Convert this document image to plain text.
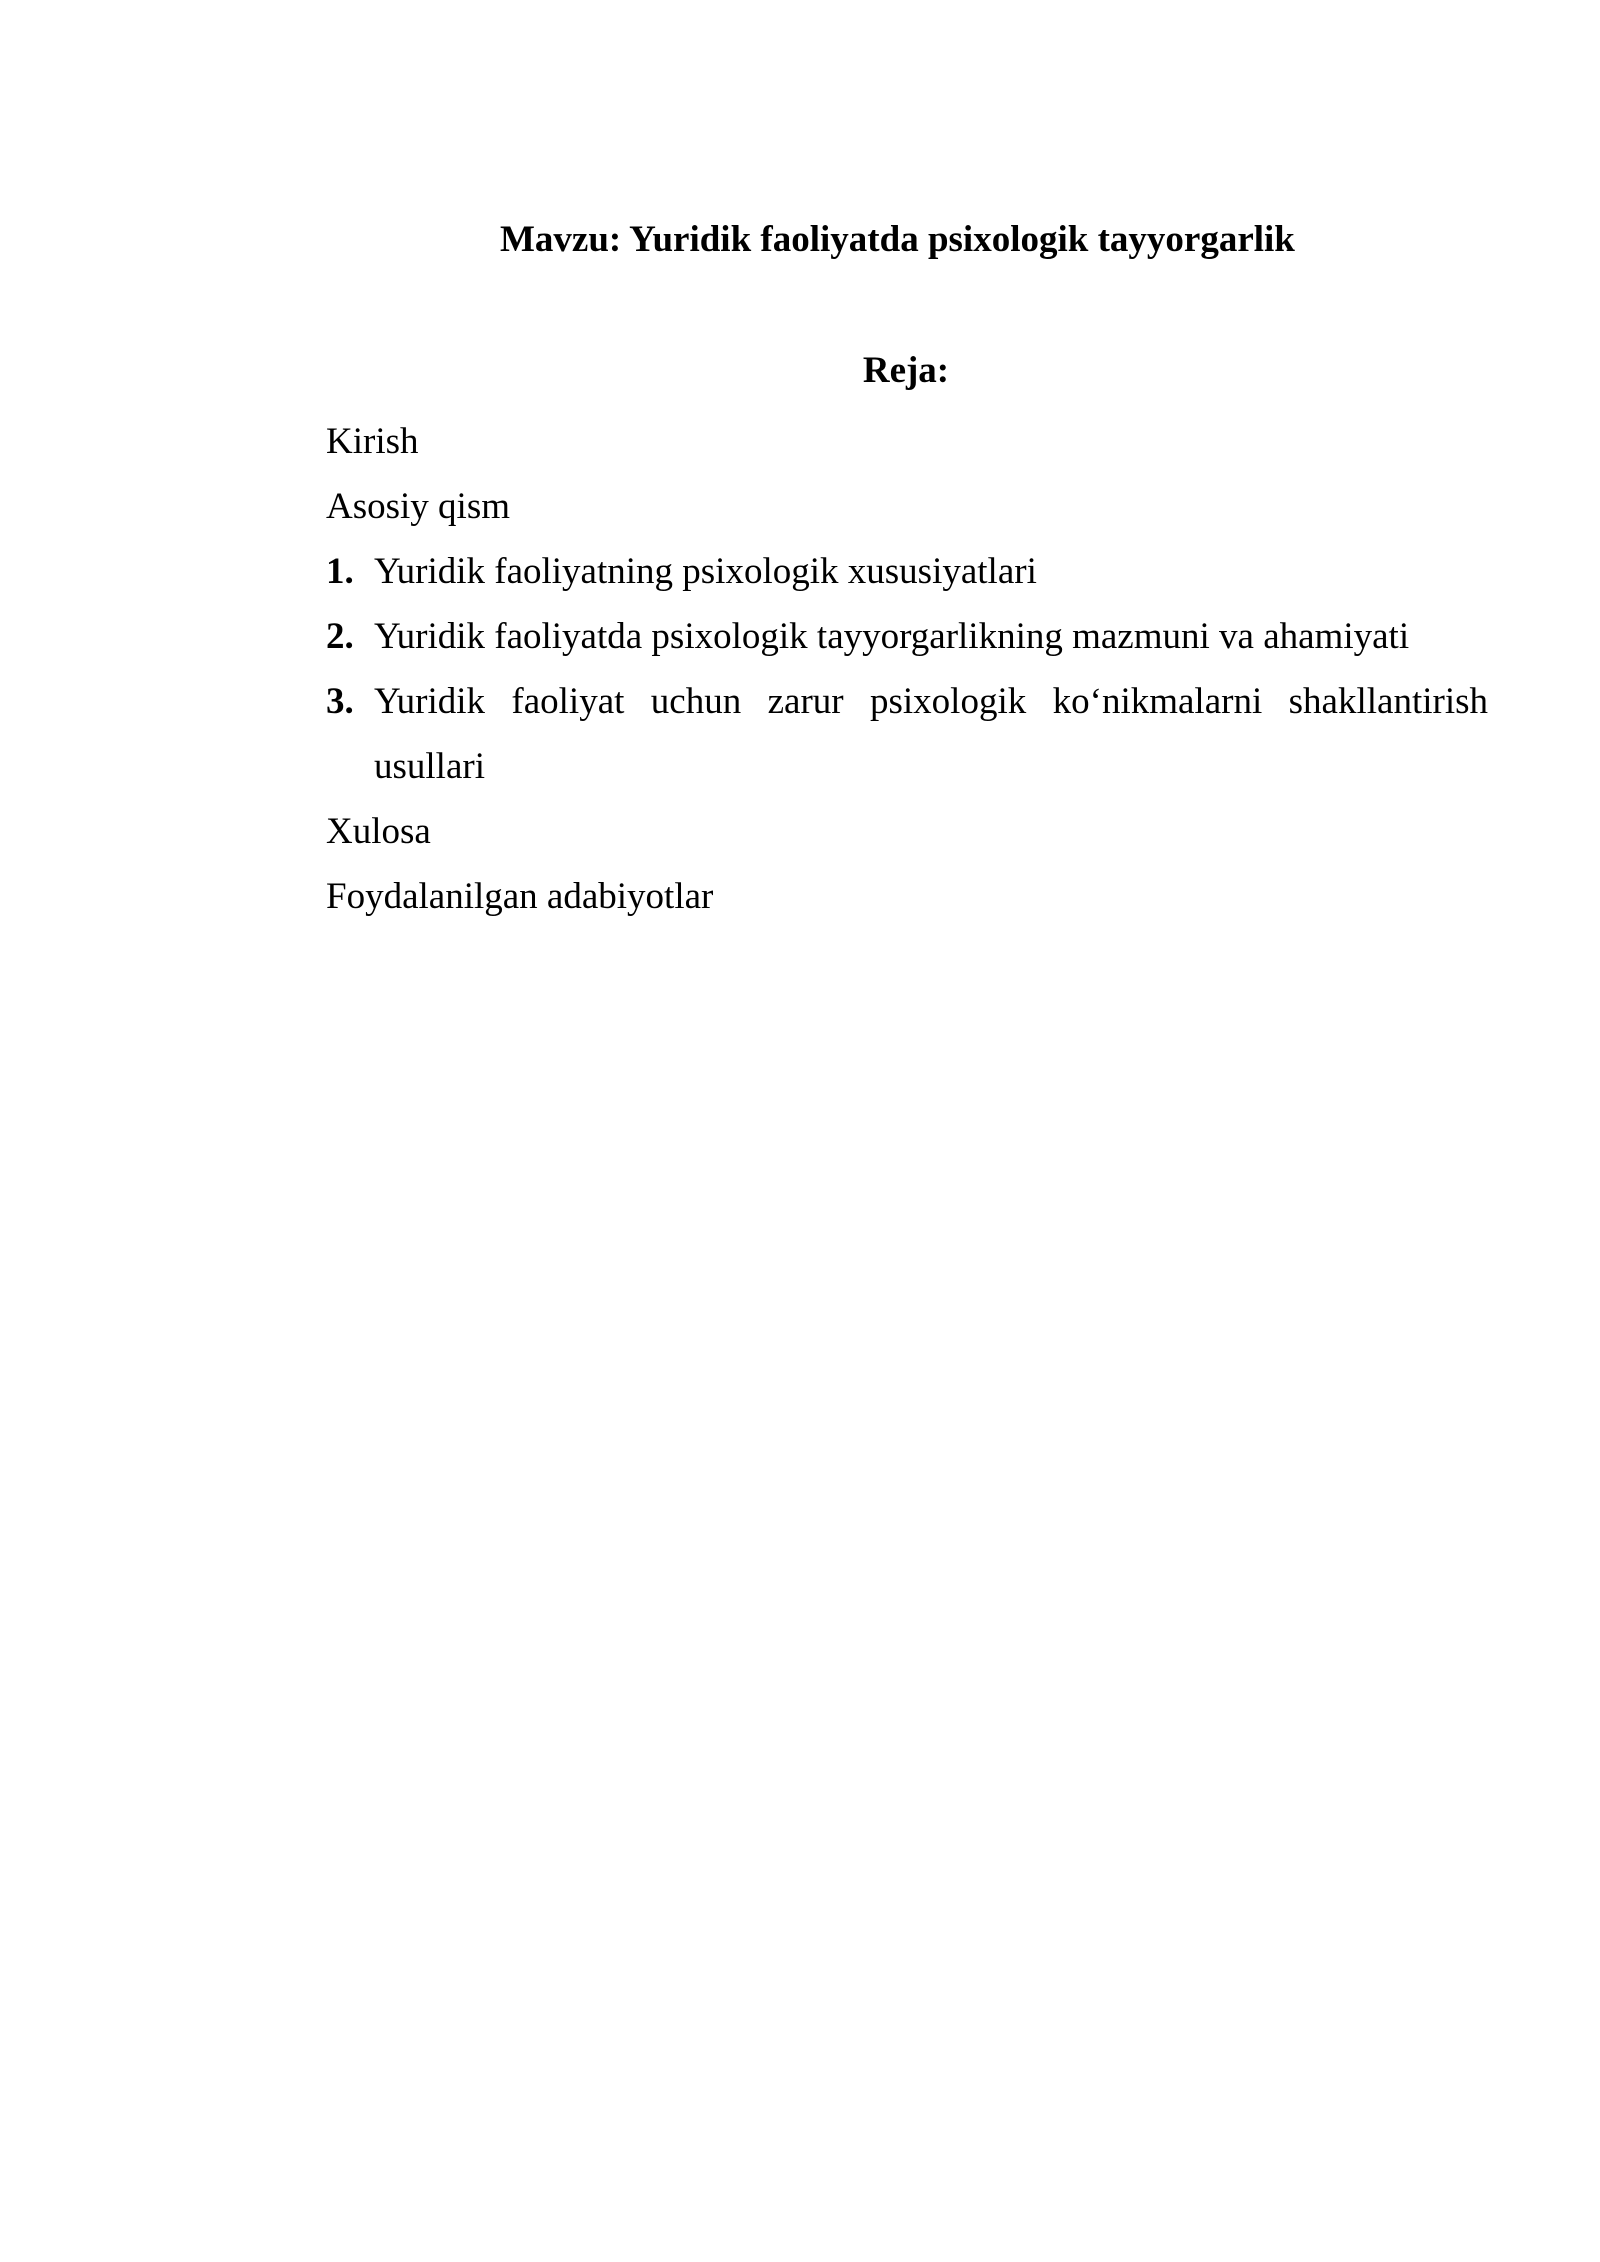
Mavzu: Yuridik faoliyatda psixologik tayyorgarlik
Reja:
Kirish
Asosiy qism
1. Yuridik faoliyatning psixologik xususiyatlari
2. Yuridik faoliyatda psixologik tayyorgarlikning mazmuni va ahamiyati
3. Yuridik faoliyat uchun zarur psixologik ko‘nikmalarni shakllantirish
usullari
Xulosa
Foydalanilgan adabiyotlar
